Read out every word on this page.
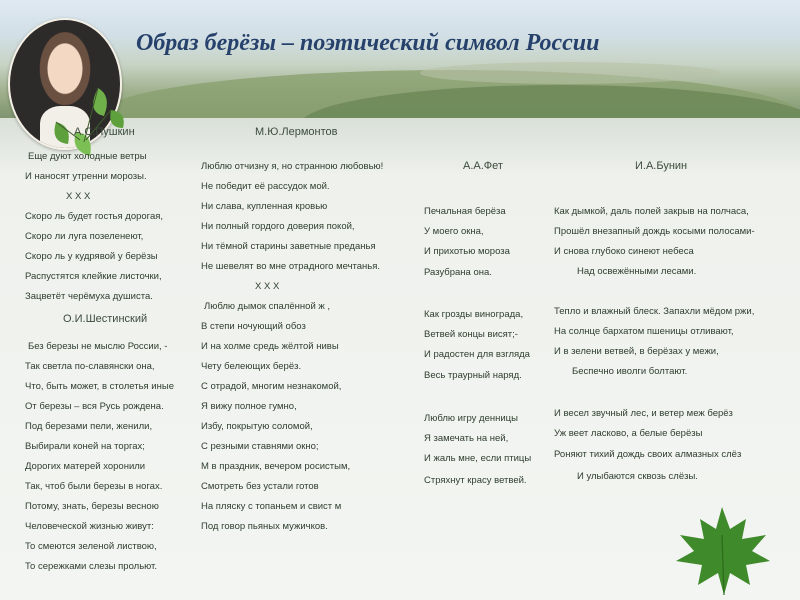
Образ берёзы – поэтический символ России
А.С.Пушкин	М.Ю.Лермонтов
А.А.Фет	И.А.Бунин
О.И.Шестинский
Еще дуют холодные ветры
И наносят утренни морозы.
Х Х Х
Скоро ль будет гостья дорогая,
Скоро ли луга позеленеют,
Скоро ль у кудрявой у берёзы
Распустятся клейкие листочки,
Зацветёт черёмуха душиста.
Без березы не мыслю России, -
Так светла по-славянски она,
Что, быть может, в столетья иные
От березы – вся Русь рождена.
Под березами пели, женили,
Выбирали коней на торгах;
Дорогих матерей хоронили
Так, чтоб были березы в ногах.
Потому, знать, березы весною
Человеческой жизнью живут:
То смеются зеленой листвою,
То сережками слезы прольют.
Люблю отчизну я, но странною любовью!
Не победит её рассудок мой.
Ни слава, купленная кровью
Ни полный гордого доверия покой,
Ни тёмной старины заветные преданья
Не шевелят во мне отрадного мечтанья.
Х Х Х
Люблю дымок спалённой ж ,
В степи ночующий обоз
И на холме средь жёлтой нивы
Чету белеющих берёз.
С отрадой, многим незнакомой,
Я вижу полное гумно,
Избу, покрытую соломой,
С резными ставнями окно;
М в праздник, вечером росистым,
Смотреть без устали готов
На пляску с топаньем и свист м
Под говор пьяных мужичков.
Печальная берёза
У моего окна,
И прихотью мороза
Разубрана она.
Как грозды винограда,
Ветвей концы висят;-
И радостен для взгляда
Весь траурный наряд.
Люблю игру денницы
Я замечать на ней,
И жаль мне, если птицы
Стряхнут красу ветвей.
Как дымкой, даль полей закрыв на полчаса,
Прошёл внезапный дождь косыми полосами-
И снова глубоко синеют небеса
Над освежёнными лесами.
Тепло и влажный блеск. Запахли мёдом ржи,
На солнце бархатом пшеницы отливают,
И в зелени ветвей, в берёзах у межи,
Беспечно иволги болтают.
И весел звучный лес, и ветер меж берёз
Уж веет ласково, а белые берёзы
Роняют тихий дождь своих алмазных слёз
И улыбаются сквозь слёзы.
